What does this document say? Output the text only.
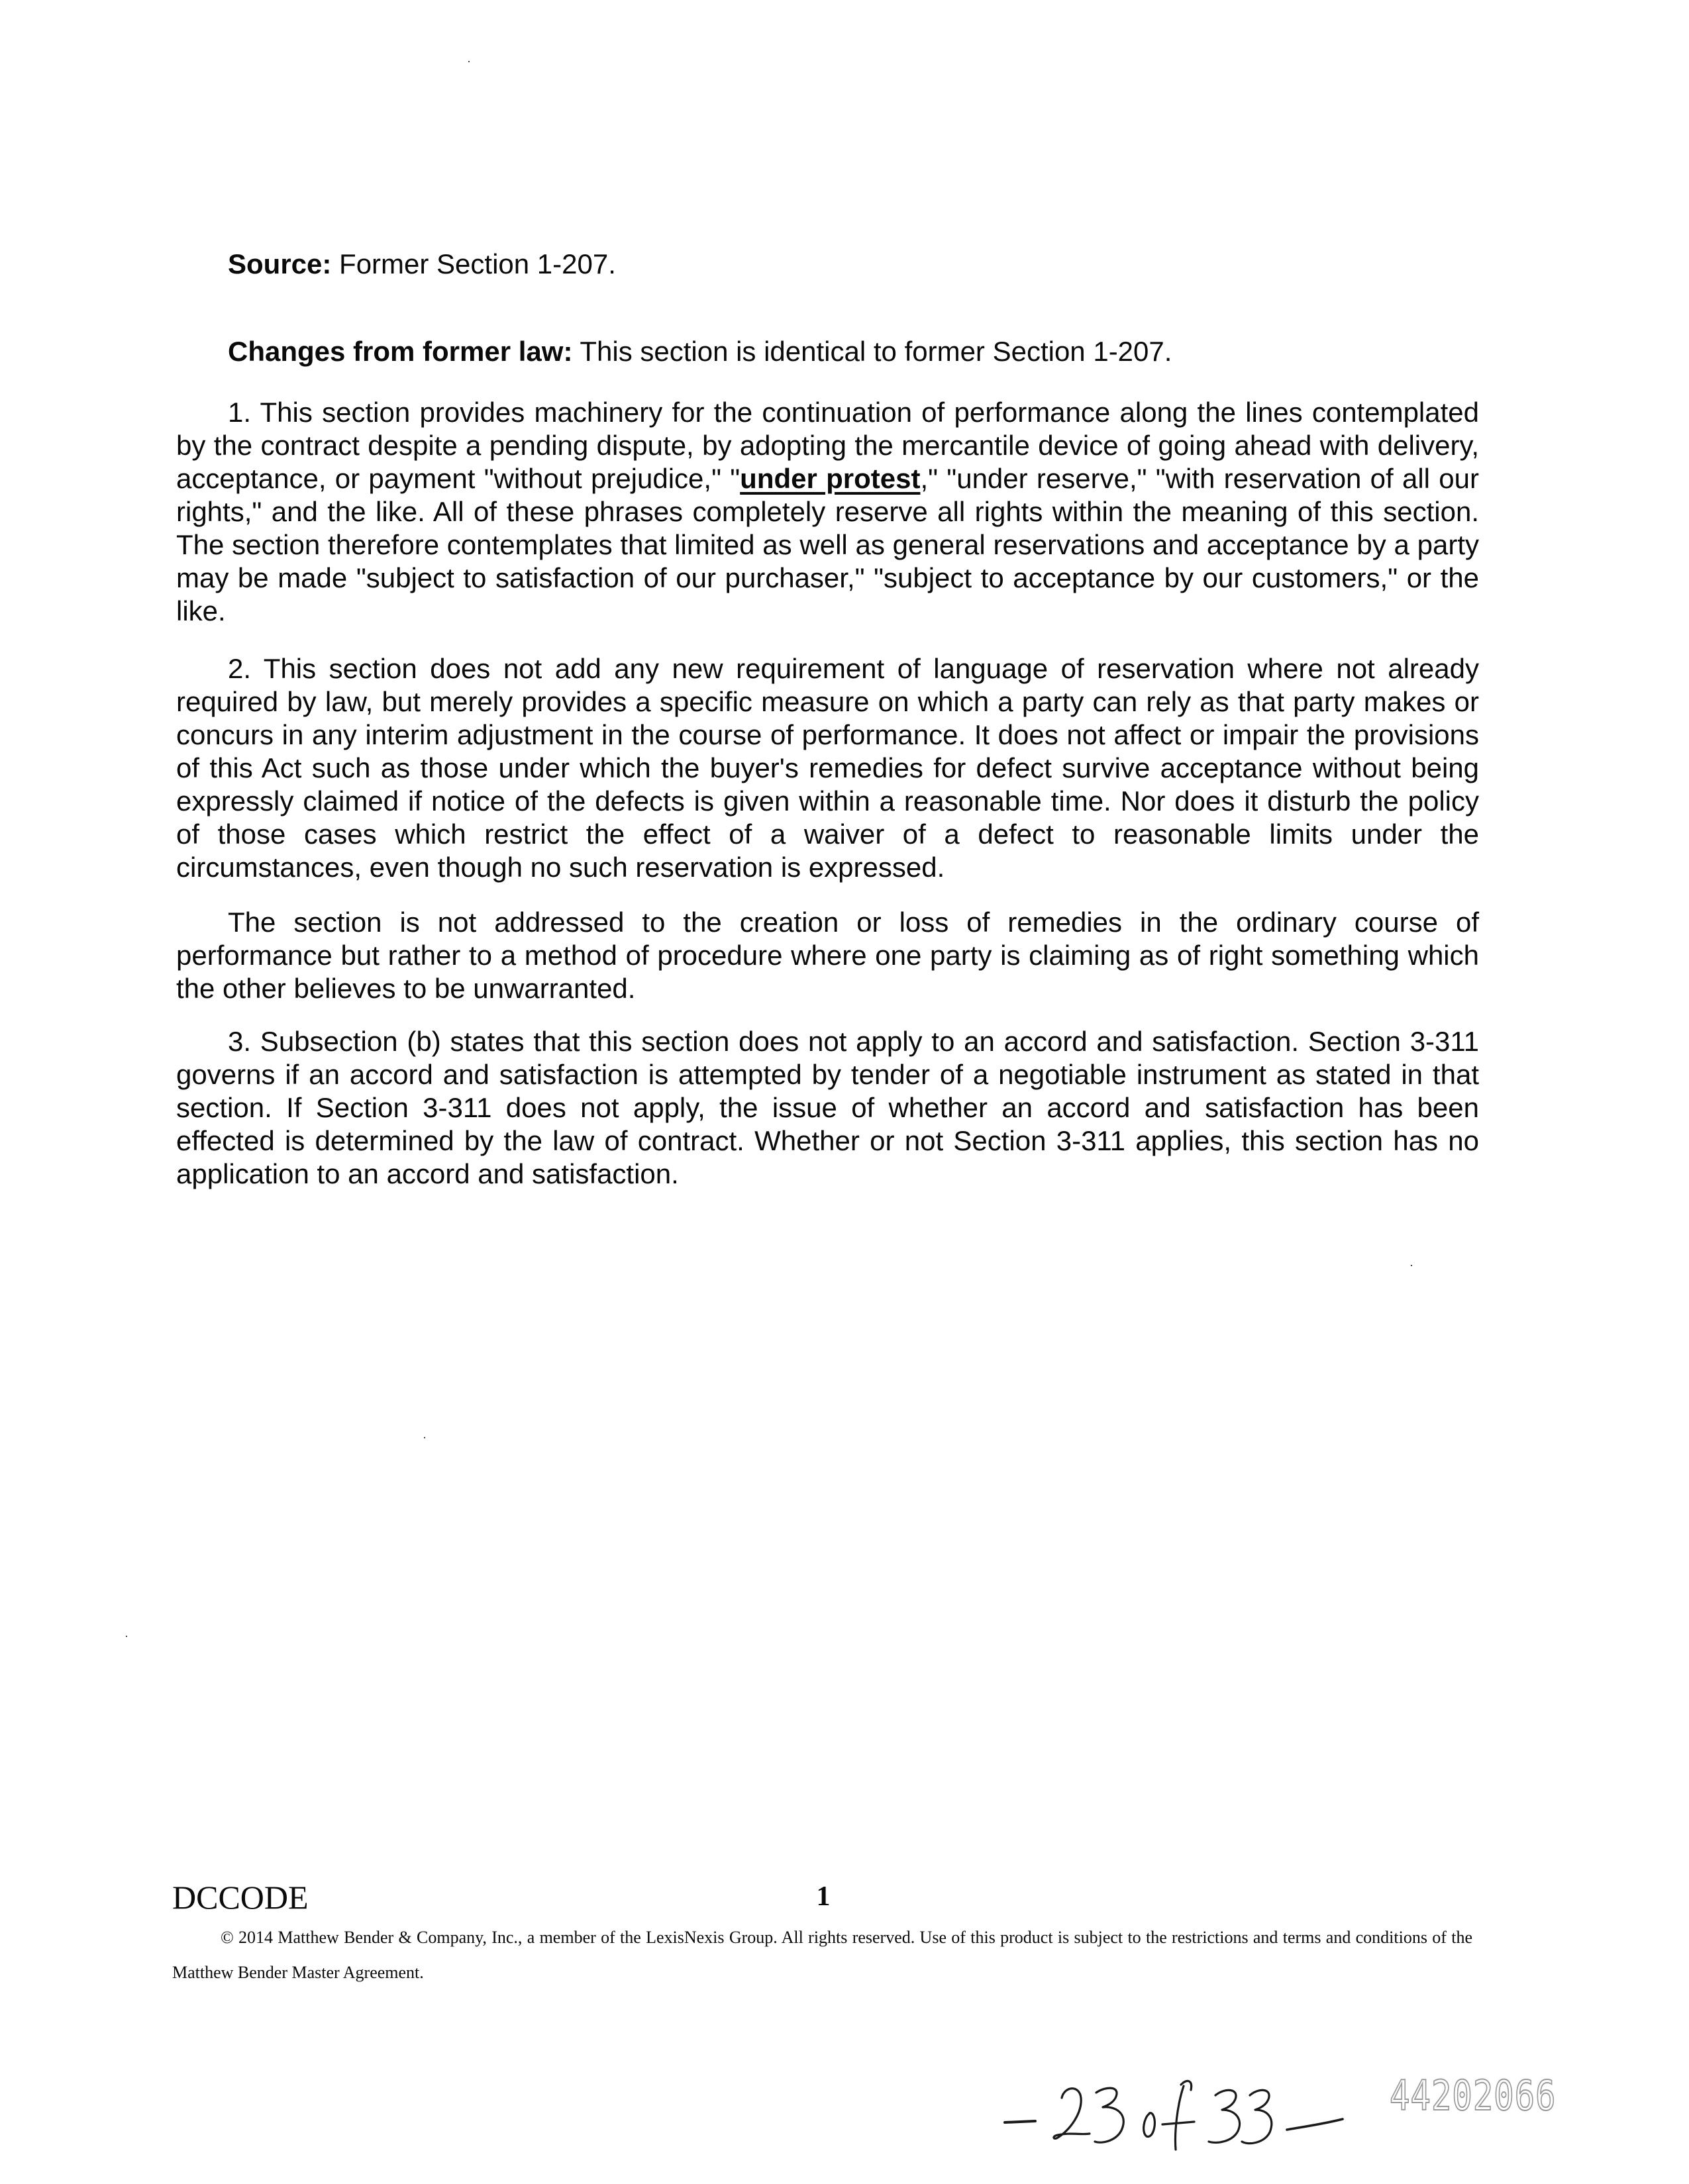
Source: Former Section 1-207.

Changes from former law: This section is identical to former Section 1-207.

1. This section provides machinery for the continuation of performance along the lines contemplated by the contract despite a pending dispute, by adopting the mercantile device of going ahead with delivery, acceptance, or payment "without prejudice," "under protest," "under reserve," "with reservation of all our rights," and the like. All of these phrases completely reserve all rights within the meaning of this section. The section therefore contemplates that limited as well as general reservations and acceptance by a party may be made "subject to satisfaction of our purchaser," "subject to acceptance by our customers," or the like.

2. This section does not add any new requirement of language of reservation where not already required by law, but merely provides a specific measure on which a party can rely as that party makes or concurs in any interim adjustment in the course of performance. It does not affect or impair the provisions of this Act such as those under which the buyer's remedies for defect survive acceptance without being expressly claimed if notice of the defects is given within a reasonable time. Nor does it disturb the policy of those cases which restrict the effect of a waiver of a defect to reasonable limits under the circumstances, even though no such reservation is expressed.

The section is not addressed to the creation or loss of remedies in the ordinary course of performance but rather to a method of procedure where one party is claiming as of right something which the other believes to be unwarranted.

3. Subsection (b) states that this section does not apply to an accord and satisfaction. Section 3-311 governs if an accord and satisfaction is attempted by tender of a negotiable instrument as stated in that section. If Section 3-311 does not apply, the issue of whether an accord and satisfaction has been effected is determined by the law of contract. Whether or not Section 3-311 applies, this section has no application to an accord and satisfaction.

DCCODE	1

© 2014 Matthew Bender & Company, Inc., a member of the LexisNexis Group. All rights reserved. Use of this product is subject to the restrictions and terms and conditions of the Matthew Bender Master Agreement.

44202066
